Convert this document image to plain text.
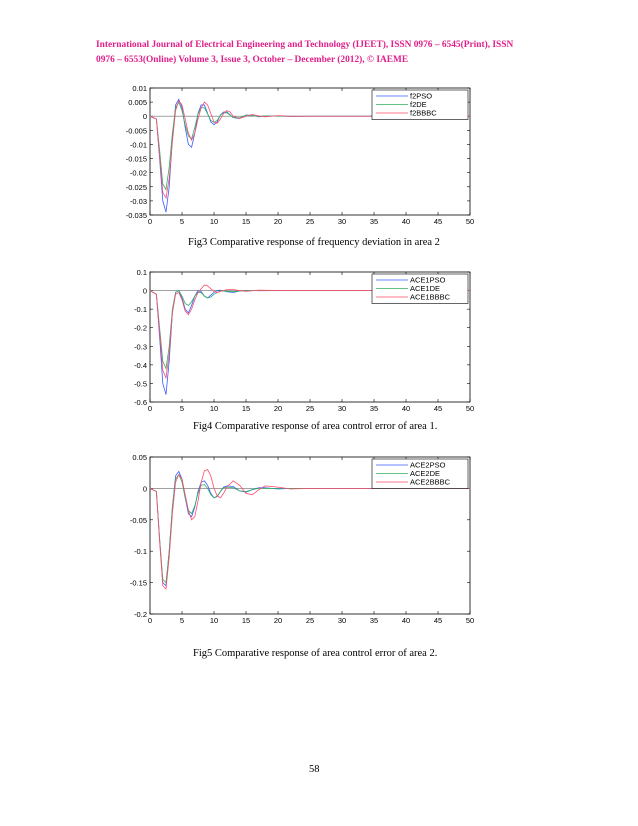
International Journal of Electrical Engineering and Technology (IJEET), ISSN 0976 – 6545(Print), ISSN
0976 – 6553(Online) Volume 3, Issue 3, October – December (2012), © IAEME
0.01
0.005
0
-0.005
-0.01
-0.015
-0.02
-0.025
-0.03
-0.035
0	5	10	15	20	25	30	35	40	45	50
f2PSO
f2DE
f2BBBC
Fig3 Comparative response of frequency deviation in area 2
0.1
0
-0.1
-0.2
-0.3
-0.4
-0.5
-0.6
0	5	10	15	20	25	30	35	40	45	50
ACE1PSO
ACE1DE
ACE1BBBC
Fig4 Comparative response of area control error of area 1.
0.05
0
-0.05
-0.1
-0.15
-0.2
0	5	10	15	20	25	30	35	40	45	50
ACE2PSO
ACE2DE
ACE2BBBC
Fig5 Comparative response of area control error of area 2.
58
